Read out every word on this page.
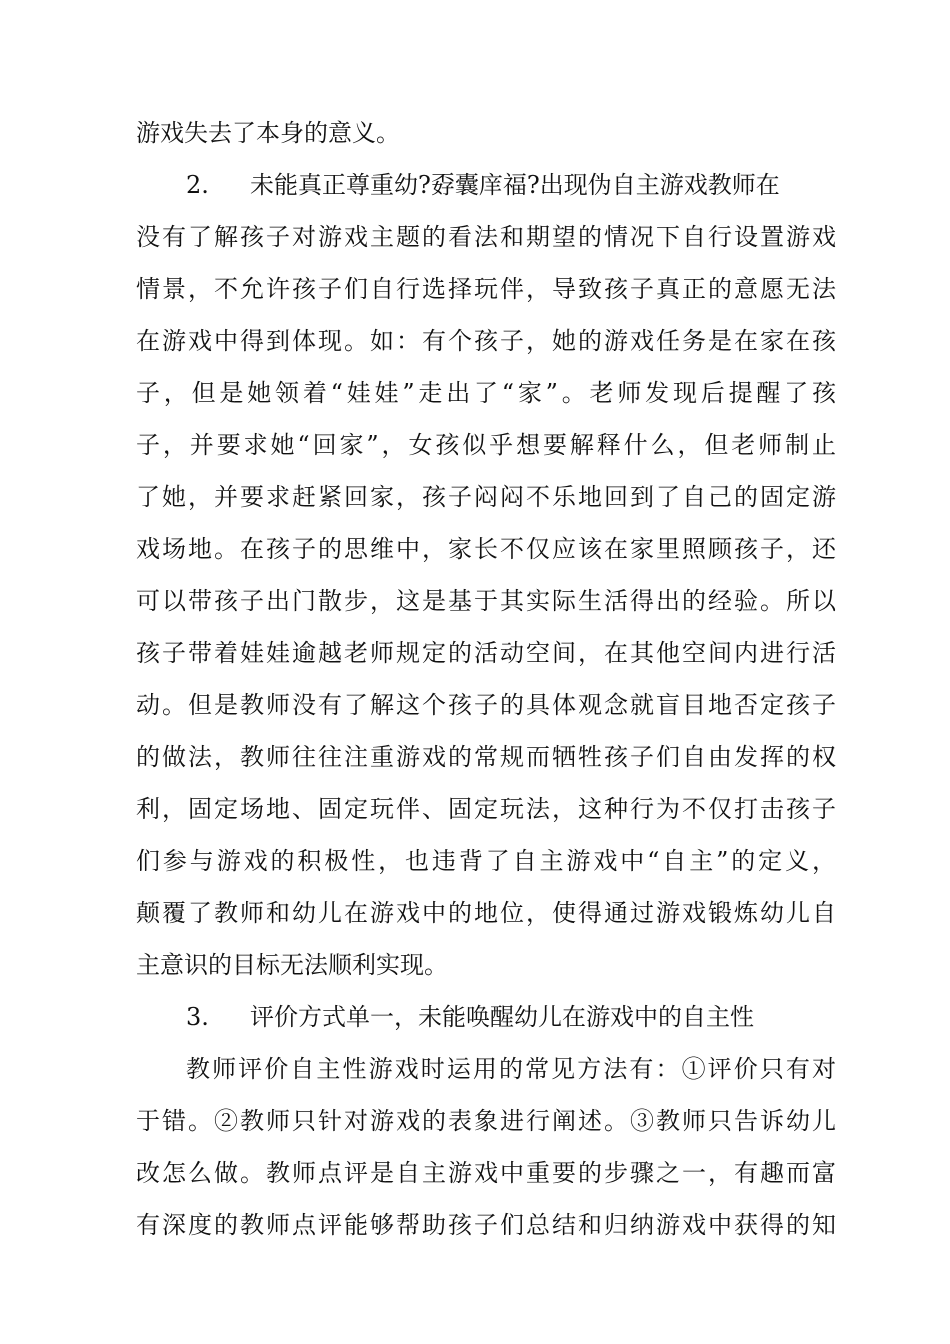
游戏失去了本身的意义。
2. 未能真正尊重幼?孬囊庠福?出现伪自主游戏教师在
没有了解孩子对游戏主题的看法和期望的情况下自行设置游戏
情景，不允许孩子们自行选择玩伴，导致孩子真正的意愿无法
在游戏中得到体现。如：有个孩子，她的游戏任务是在家在孩
子，但是她领着“娃娃”走出了“家”。老师发现后提醒了孩
子，并要求她“回家”，女孩似乎想要解释什么，但老师制止
了她，并要求赶紧回家，孩子闷闷不乐地回到了自己的固定游
戏场地。在孩子的思维中，家长不仅应该在家里照顾孩子，还
可以带孩子出门散步，这是基于其实际生活得出的经验。所以
孩子带着娃娃逾越老师规定的活动空间，在其他空间内进行活
动。但是教师没有了解这个孩子的具体观念就盲目地否定孩子
的做法，教师往往注重游戏的常规而牺牲孩子们自由发挥的权
利，固定场地、固定玩伴、固定玩法，这种行为不仅打击孩子
们参与游戏的积极性，也违背了自主游戏中“自主”的定义，
颠覆了教师和幼儿在游戏中的地位，使得通过游戏锻炼幼儿自
主意识的目标无法顺利实现。
3. 评价方式单一，未能唤醒幼儿在游戏中的自主性
教师评价自主性游戏时运用的常见方法有：①评价只有对
于错。②教师只针对游戏的表象进行阐述。③教师只告诉幼儿
改怎么做。教师点评是自主游戏中重要的步骤之一，有趣而富
有深度的教师点评能够帮助孩子们总结和归纳游戏中获得的知
